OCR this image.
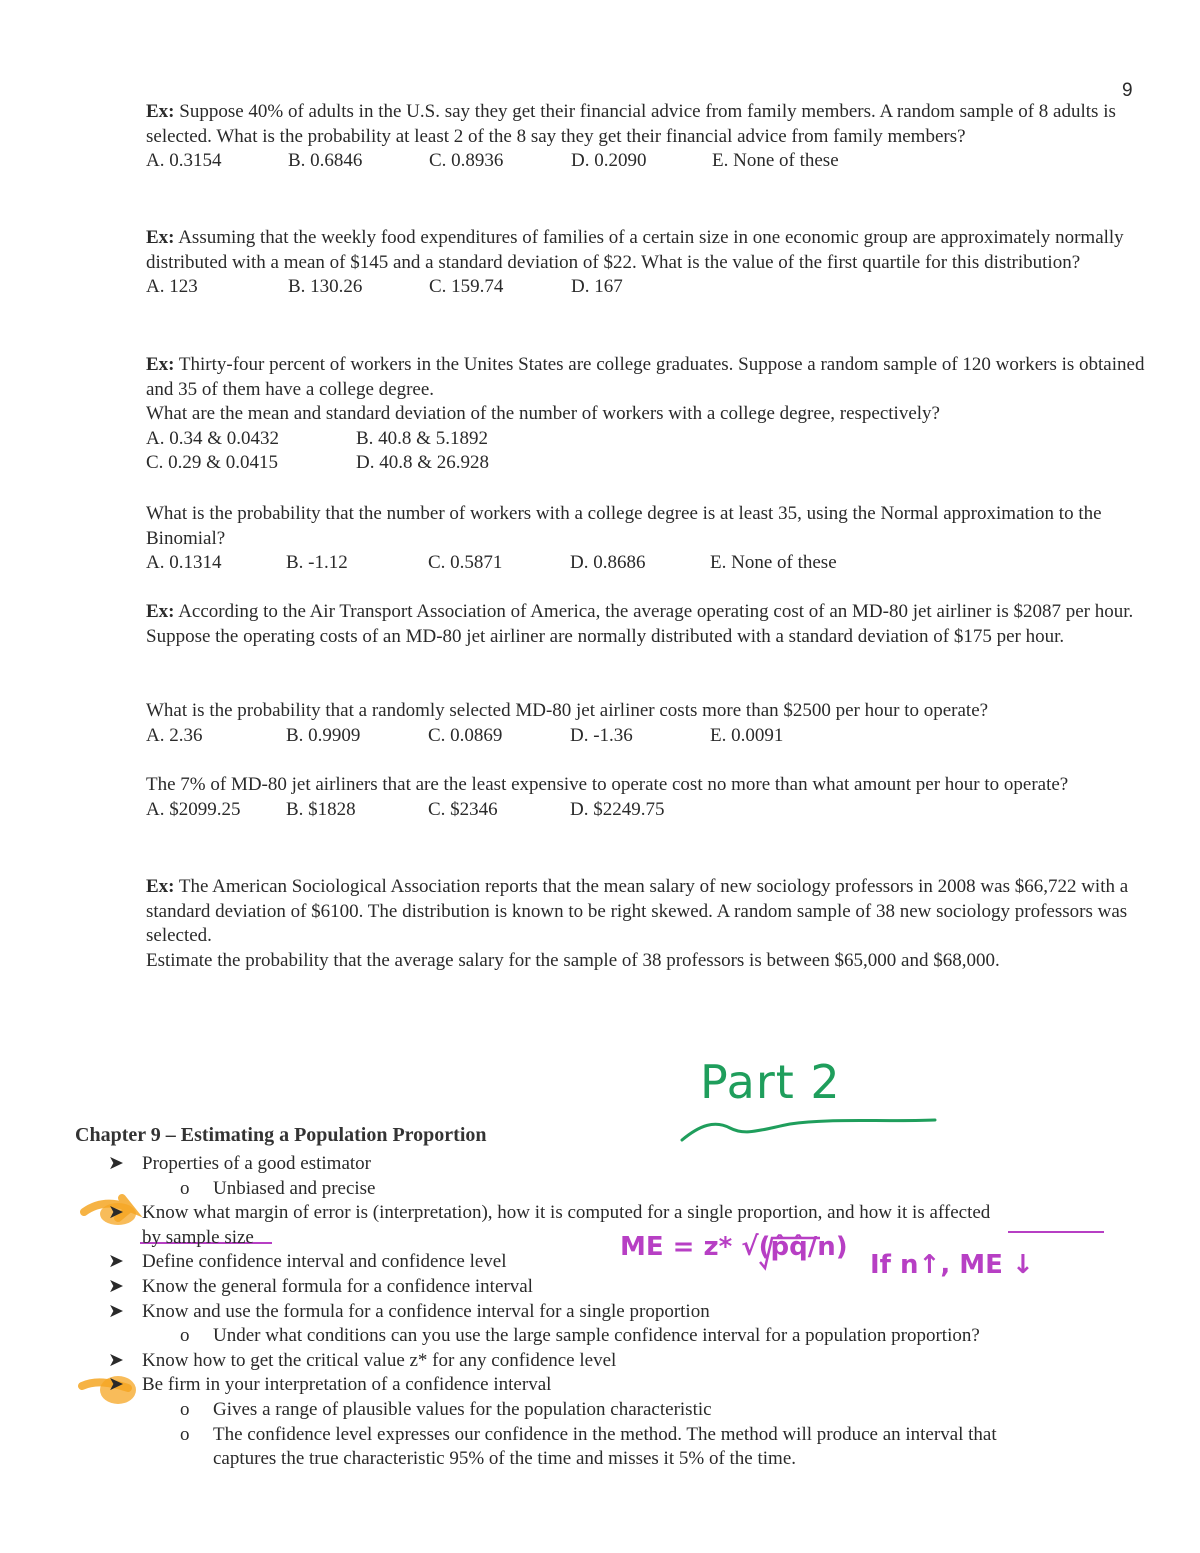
9

Ex: Suppose 40% of adults in the U.S. say they get their financial advice from family members. A random sample of 8 adults is selected. What is the probability at least 2 of the 8 say they get their financial advice from family members?

A. 0.3154	B. 0.6846	C. 0.8936	D. 0.2090	E. None of these

Ex: Assuming that the weekly food expenditures of families of a certain size in one economic group are approximately normally distributed with a mean of $145 and a standard deviation of $22. What is the value of the first quartile for this distribution?

A. 123	B. 130.26	C. 159.74	D. 167

Ex: Thirty-four percent of workers in the Unites States are college graduates. Suppose a random sample of 120 workers is obtained and 35 of them have a college degree.

What are the mean and standard deviation of the number of workers with a college degree, respectively?

A. 0.34 & 0.0432	B. 40.8 & 5.1892
C. 0.29 & 0.0415	D. 40.8 & 26.928

What is the probability that the number of workers with a college degree is at least 35, using the Normal approximation to the Binomial?

A. 0.1314	B. -1.12	C. 0.5871	D. 0.8686	E. None of these

Ex: According to the Air Transport Association of America, the average operating cost of an MD-80 jet airliner is $2087 per hour. Suppose the operating costs of an MD-80 jet airliner are normally distributed with a standard deviation of $175 per hour.

What is the probability that a randomly selected MD-80 jet airliner costs more than $2500 per hour to operate?

A. 2.36	B. 0.9909	C. 0.0869	D. -1.36	E. 0.0091

The 7% of MD-80 jet airliners that are the least expensive to operate cost no more than what amount per hour to operate?

A. $2099.25 B. $1828	C. $2346	D. $2249.75

Ex: The American Sociological Association reports that the mean salary of new sociology professors in 2008 was $66,722 with a standard deviation of $6100. The distribution is known to be right skewed. A random sample of 38 new sociology professors was selected.

Estimate the probability that the average salary for the sample of 38 professors is between $65,000 and $68,000.

Part 2
ME = z* √(p̂q̂/n)
If n↑, ME ↓
Chapter 9 – Estimating a Population Proportion
➤ Properties of a good estimator
o Unbiased and precise
➤ Know what margin of error is (interpretation), how it is computed for a single proportion, and how it is affected
by sample size
➤ Define confidence interval and confidence level
➤ Know the general formula for a confidence interval
➤ Know and use the formula for a confidence interval for a single proportion
o Under what conditions can you use the large sample confidence interval for a population proportion?
➤ Know how to get the critical value z* for any confidence level
➤ Be firm in your interpretation of a confidence interval
o Gives a range of plausible values for the population characteristic
o The confidence level expresses our confidence in the method. The method will produce an interval that
captures the true characteristic 95% of the time and misses it 5% of the time.
